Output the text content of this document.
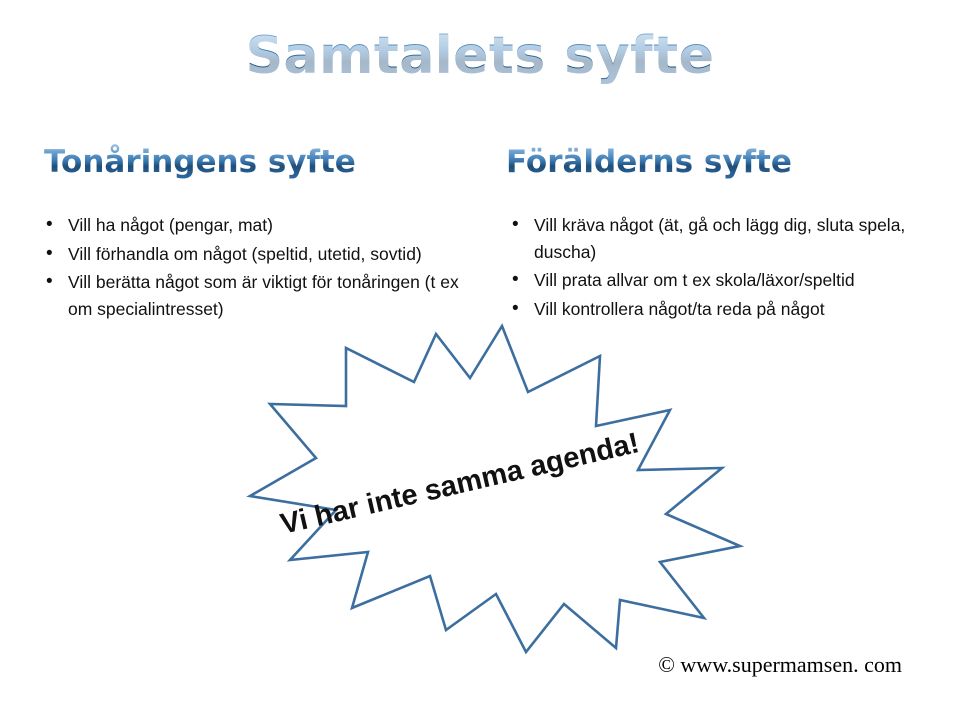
Samtalets syfte
Tonåringens syfte
• Vill ha något (pengar, mat)
• Vill förhandla om något (speltid, utetid, sovtid)
• Vill berätta något som är viktigt för tonåringen (t ex om specialintresset)
Förälderns syfte
• Vill kräva något (ät, gå och lägg dig, sluta spela, duscha)
• Vill prata allvar om t ex skola/läxor/speltid
• Vill kontrollera något/ta reda på något
Vi har inte samma agenda!
© www.supermamsen. com
